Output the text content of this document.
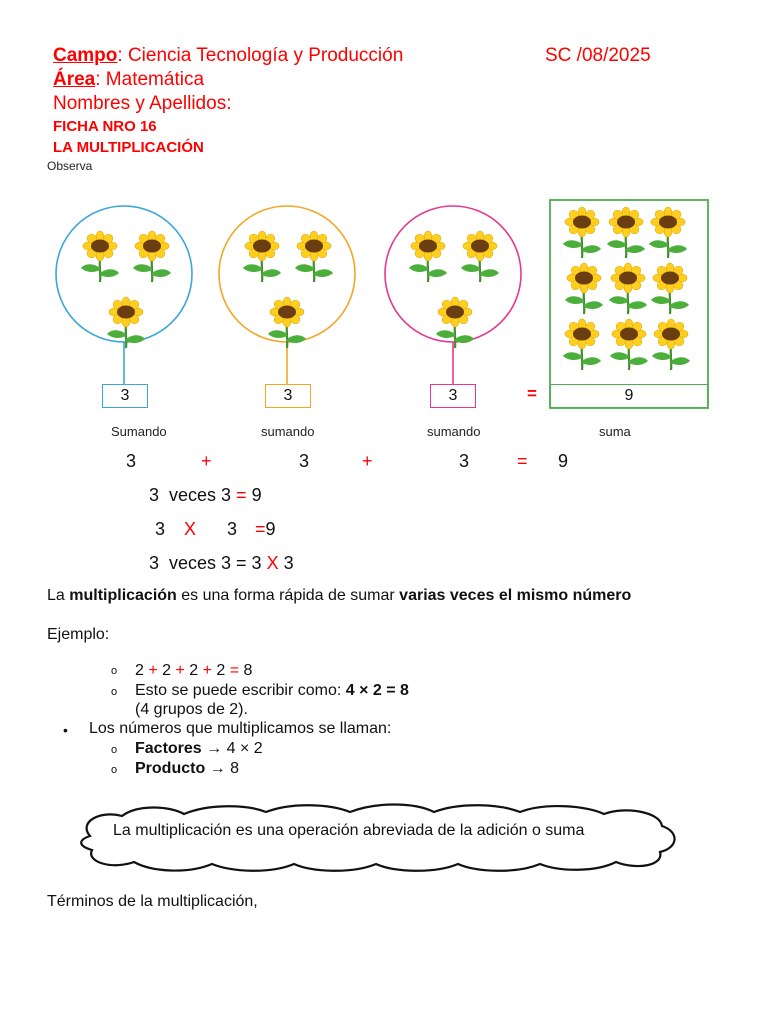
Campo: Ciencia Tecnología y Producción	SC /08/2025
Área: Matemática
Nombres y Apellidos:
FICHA NRO 16
LA MULTIPLICACIÓN
Observa
3	3	3	=	9
Sumando	sumando	sumando	suma
3	+	3	+	3	= 9
3  veces 3 = 9
3 X 3 =9
3  veces 3 = 3 X 3
La multiplicación es una forma rápida de sumar varias veces el mismo número
Ejemplo:
o 2 + 2 + 2 + 2 = 8
o Esto se puede escribir como: 4 × 2 = 8
(4 grupos de 2).
• Los números que multiplicamos se llaman:
o Factores → 4 × 2
o Producto → 8
La multiplicación es una operación abreviada de la adición o suma
Términos de la multiplicación,
